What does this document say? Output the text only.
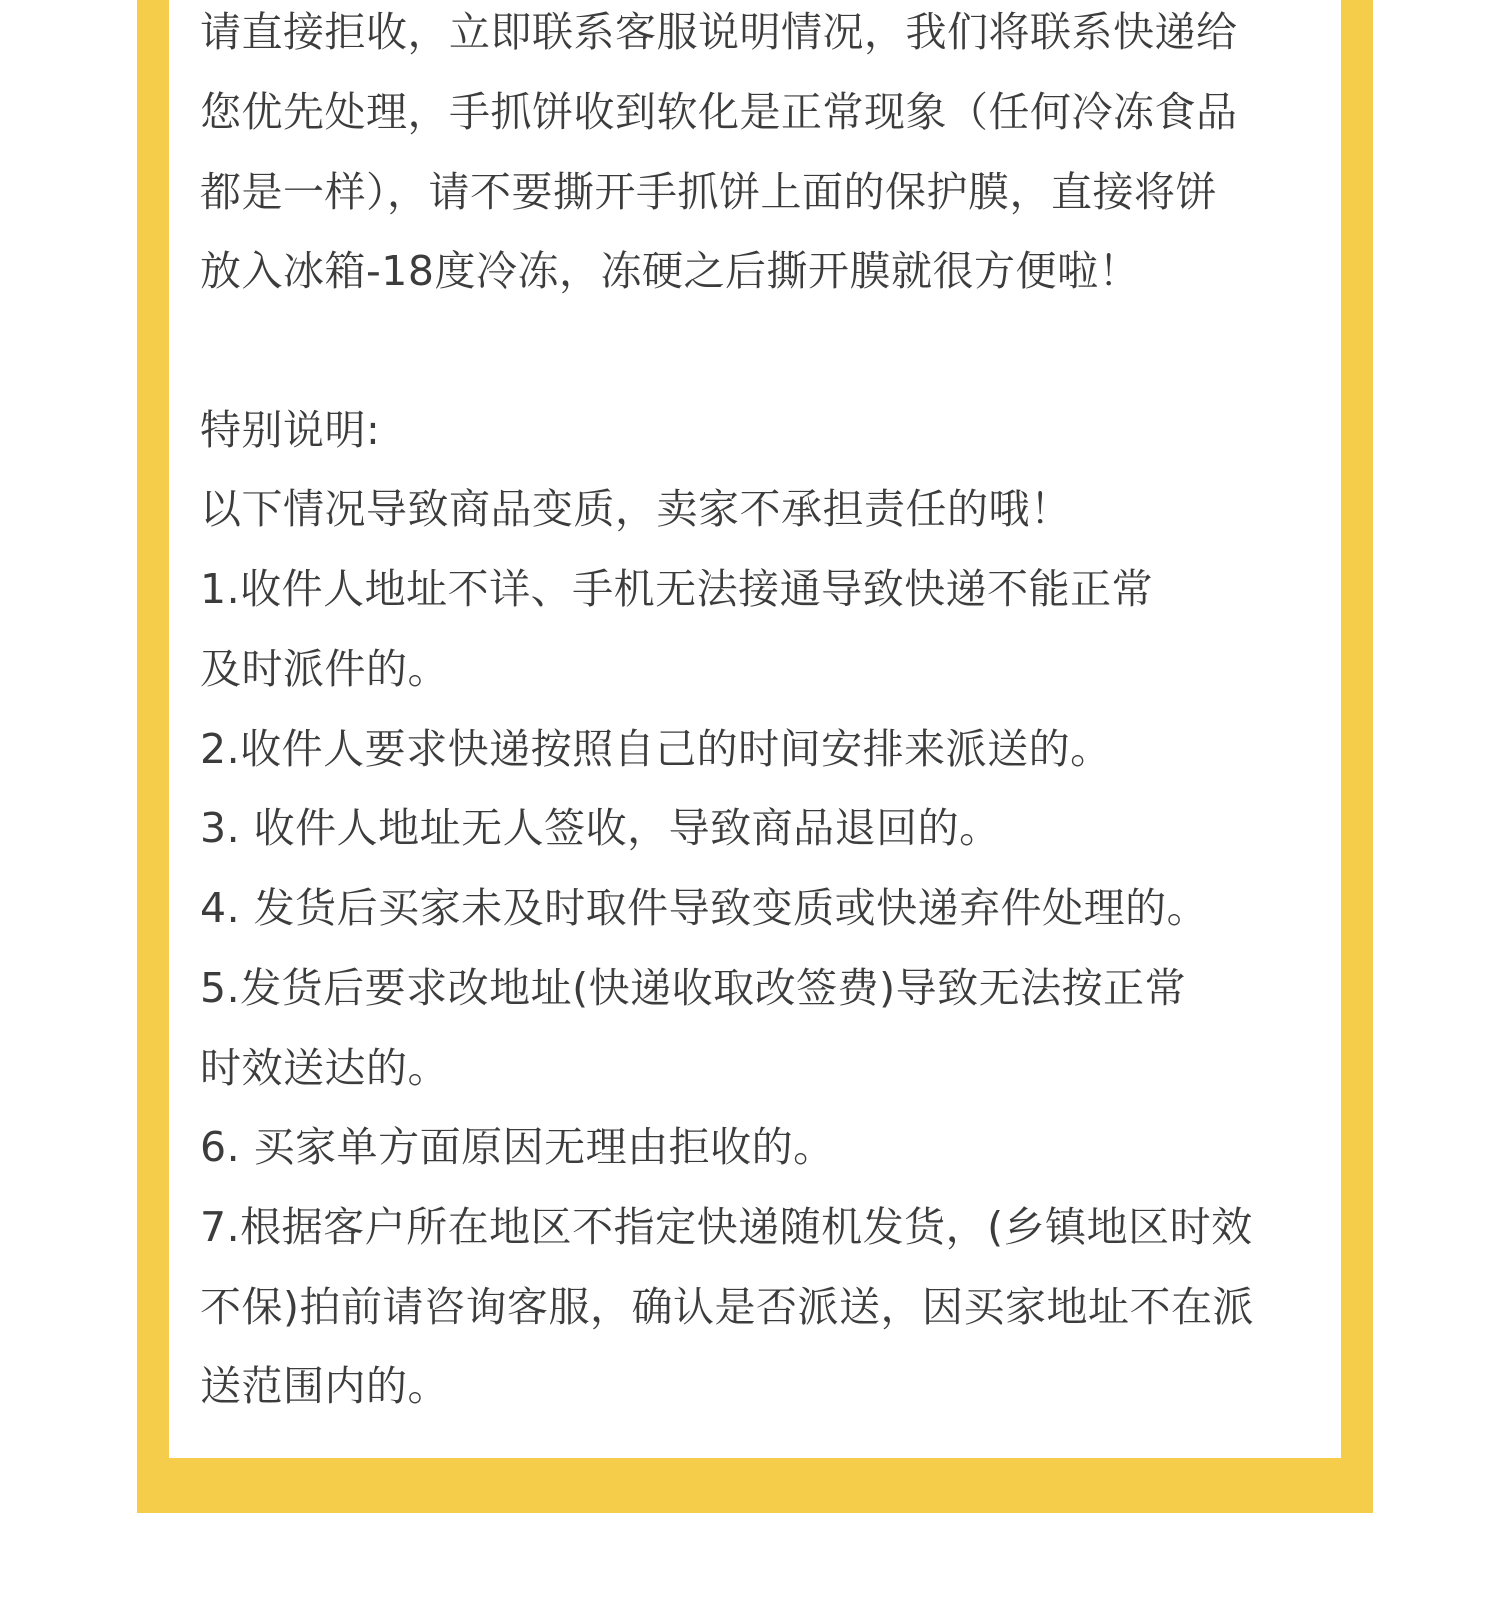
请直接拒收，立即联系客服说明情况，我们将联系快递给

您优先处理，手抓饼收到软化是正常现象（任何冷冻食品

都是一样），请不要撕开手抓饼上面的保护膜，直接将饼

放入冰箱-18度冷冻，冻硬之后撕开膜就很方便啦！

特别说明:

以下情况导致商品变质，卖家不承担责任的哦！

1.收件人地址不详、手机无法接通导致快递不能正常

及时派件的。

2.收件人要求快递按照自己的时间安排来派送的。

3. 收件人地址无人签收，导致商品退回的。

4. 发货后买家未及时取件导致变质或快递弃件处理的。

5.发货后要求改地址(快递收取改签费)导致无法按正常

时效送达的。

6. 买家单方面原因无理由拒收的。

7.根据客户所在地区不指定快递随机发货，(乡镇地区时效

不保)拍前请咨询客服，确认是否派送，因买家地址不在派

送范围内的。
